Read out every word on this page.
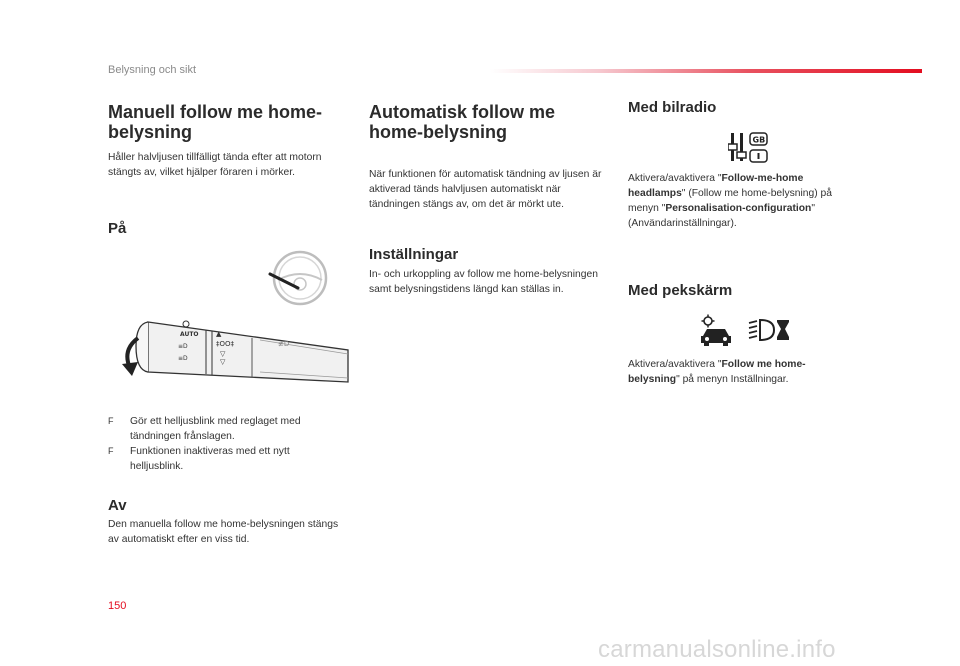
Belysning och sikt
Manuell follow me home-
belysning
Håller halvljusen tillfälligt tända efter att motorn stängts av, vilket hjälper föraren i mörker.
På
AUTO
≡D
≡D
▲
‡OO‡
▽
▽
≢D
F Gör ett helljusblink med reglaget med tändningen frånslagen.
F Funktionen inaktiveras med ett nytt helljusblink.
Av
Den manuella follow me home-belysningen stängs av automatiskt efter en viss tid.
Automatisk follow me
home-belysning
När funktionen för automatisk tändning av ljusen är aktiverad tänds halvljusen automatiskt när tändningen stängs av, om det är mörkt ute.
Inställningar
In- och urkoppling av follow me home-belysningen samt belysningstidens längd kan ställas in.
Med bilradio
GB
Aktivera/avaktivera "Follow-me-home headlamps" (Follow me home-belysning) på menyn "Personalisation-configuration" (Användarinställningar).
Med pekskärm
Aktivera/avaktivera "Follow me home-belysning" på menyn Inställningar.
150
carmanualsonline.info
